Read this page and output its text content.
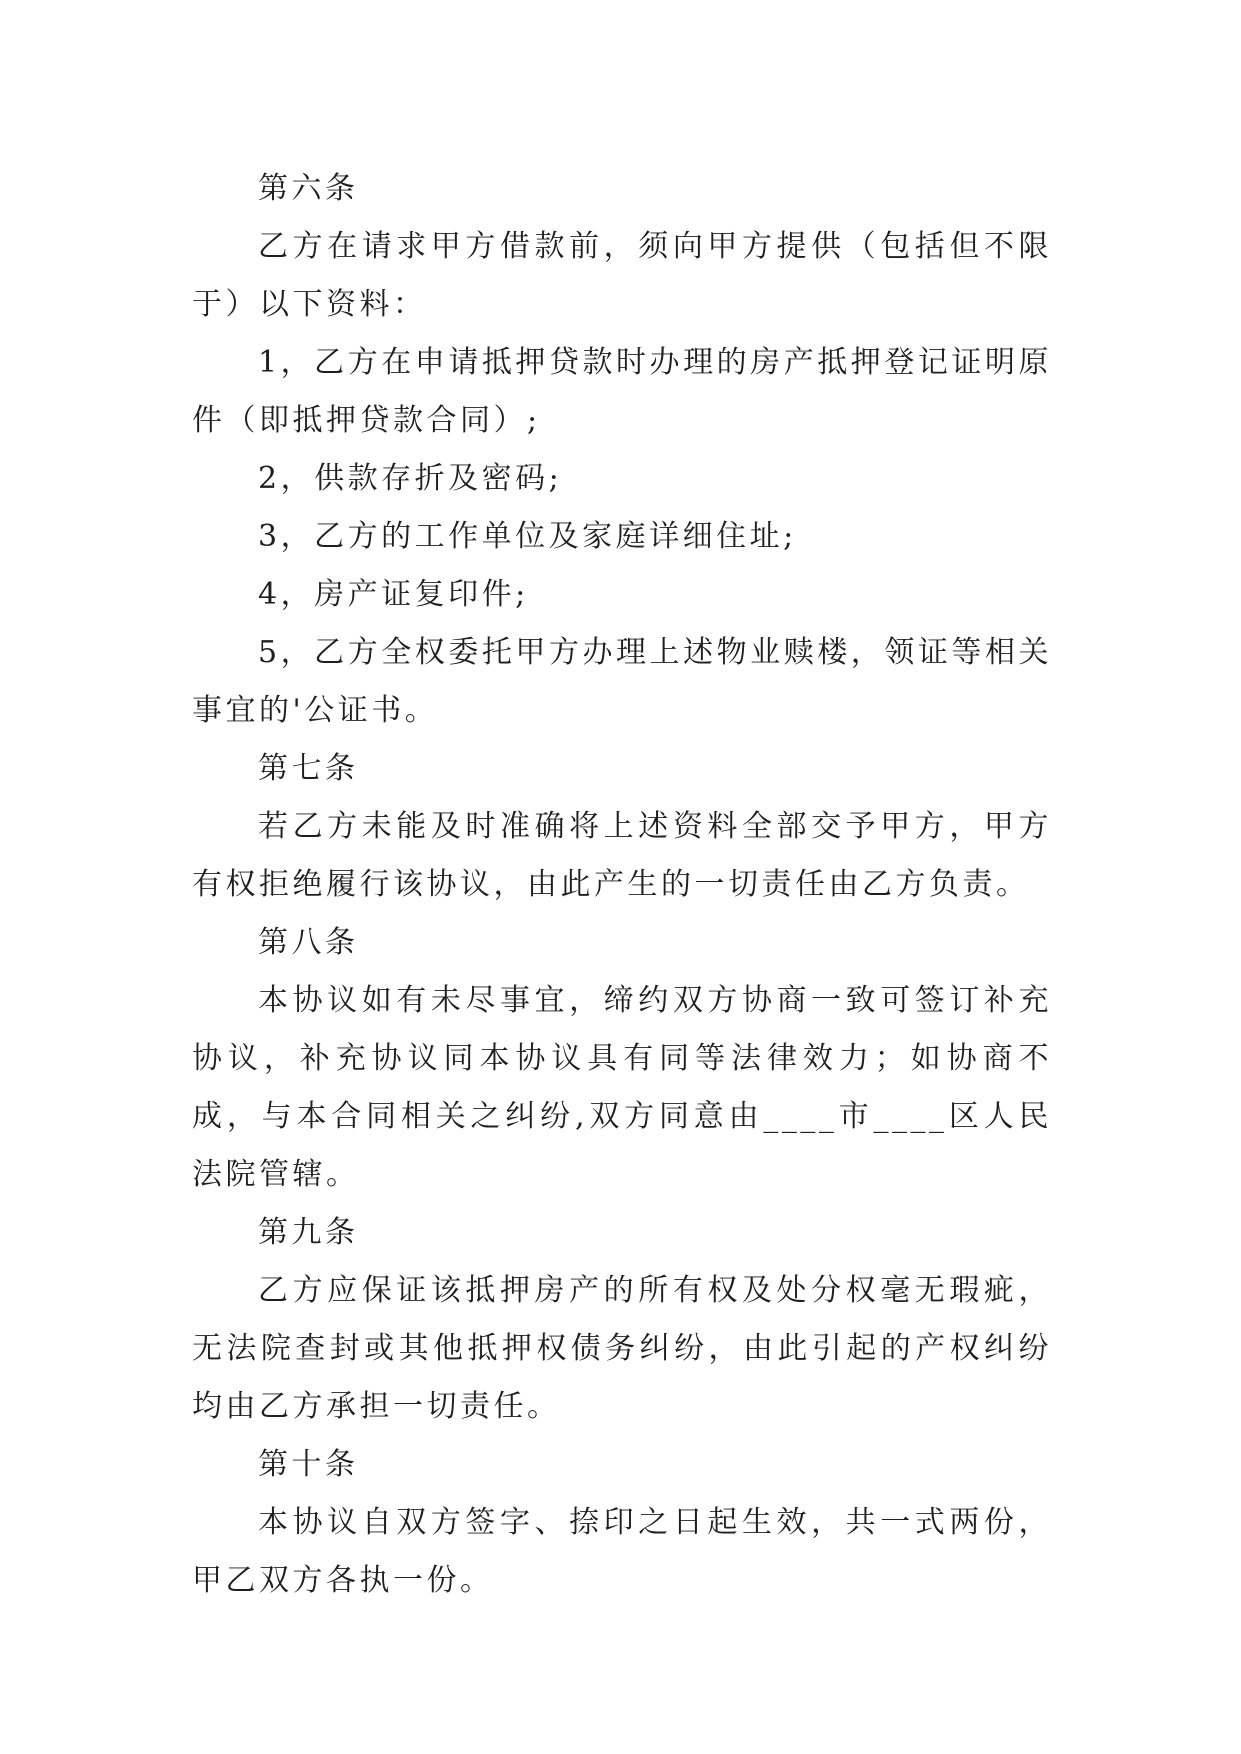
第六条

乙方在请求甲方借款前，须向甲方提供（包括但不限于）以下资料：

1，乙方在申请抵押贷款时办理的房产抵押登记证明原件（即抵押贷款合同）;

2，供款存折及密码;

3，乙方的工作单位及家庭详细住址;

4，房产证复印件;

5，乙方全权委托甲方办理上述物业赎楼，领证等相关事宜的'公证书。

第七条

若乙方未能及时准确将上述资料全部交予甲方，甲方有权拒绝履行该协议，由此产生的一切责任由乙方负责。

第八条

本协议如有未尽事宜，缔约双方协商一致可签订补充协议，补充协议同本协议具有同等法律效力；如协商不成，与本合同相关之纠纷,双方同意由____市____区人民法院管辖。

第九条

乙方应保证该抵押房产的所有权及处分权毫无瑕疵，无法院查封或其他抵押权债务纠纷，由此引起的产权纠纷均由乙方承担一切责任。

第十条

本协议自双方签字、捺印之日起生效，共一式两份，甲乙双方各执一份。
